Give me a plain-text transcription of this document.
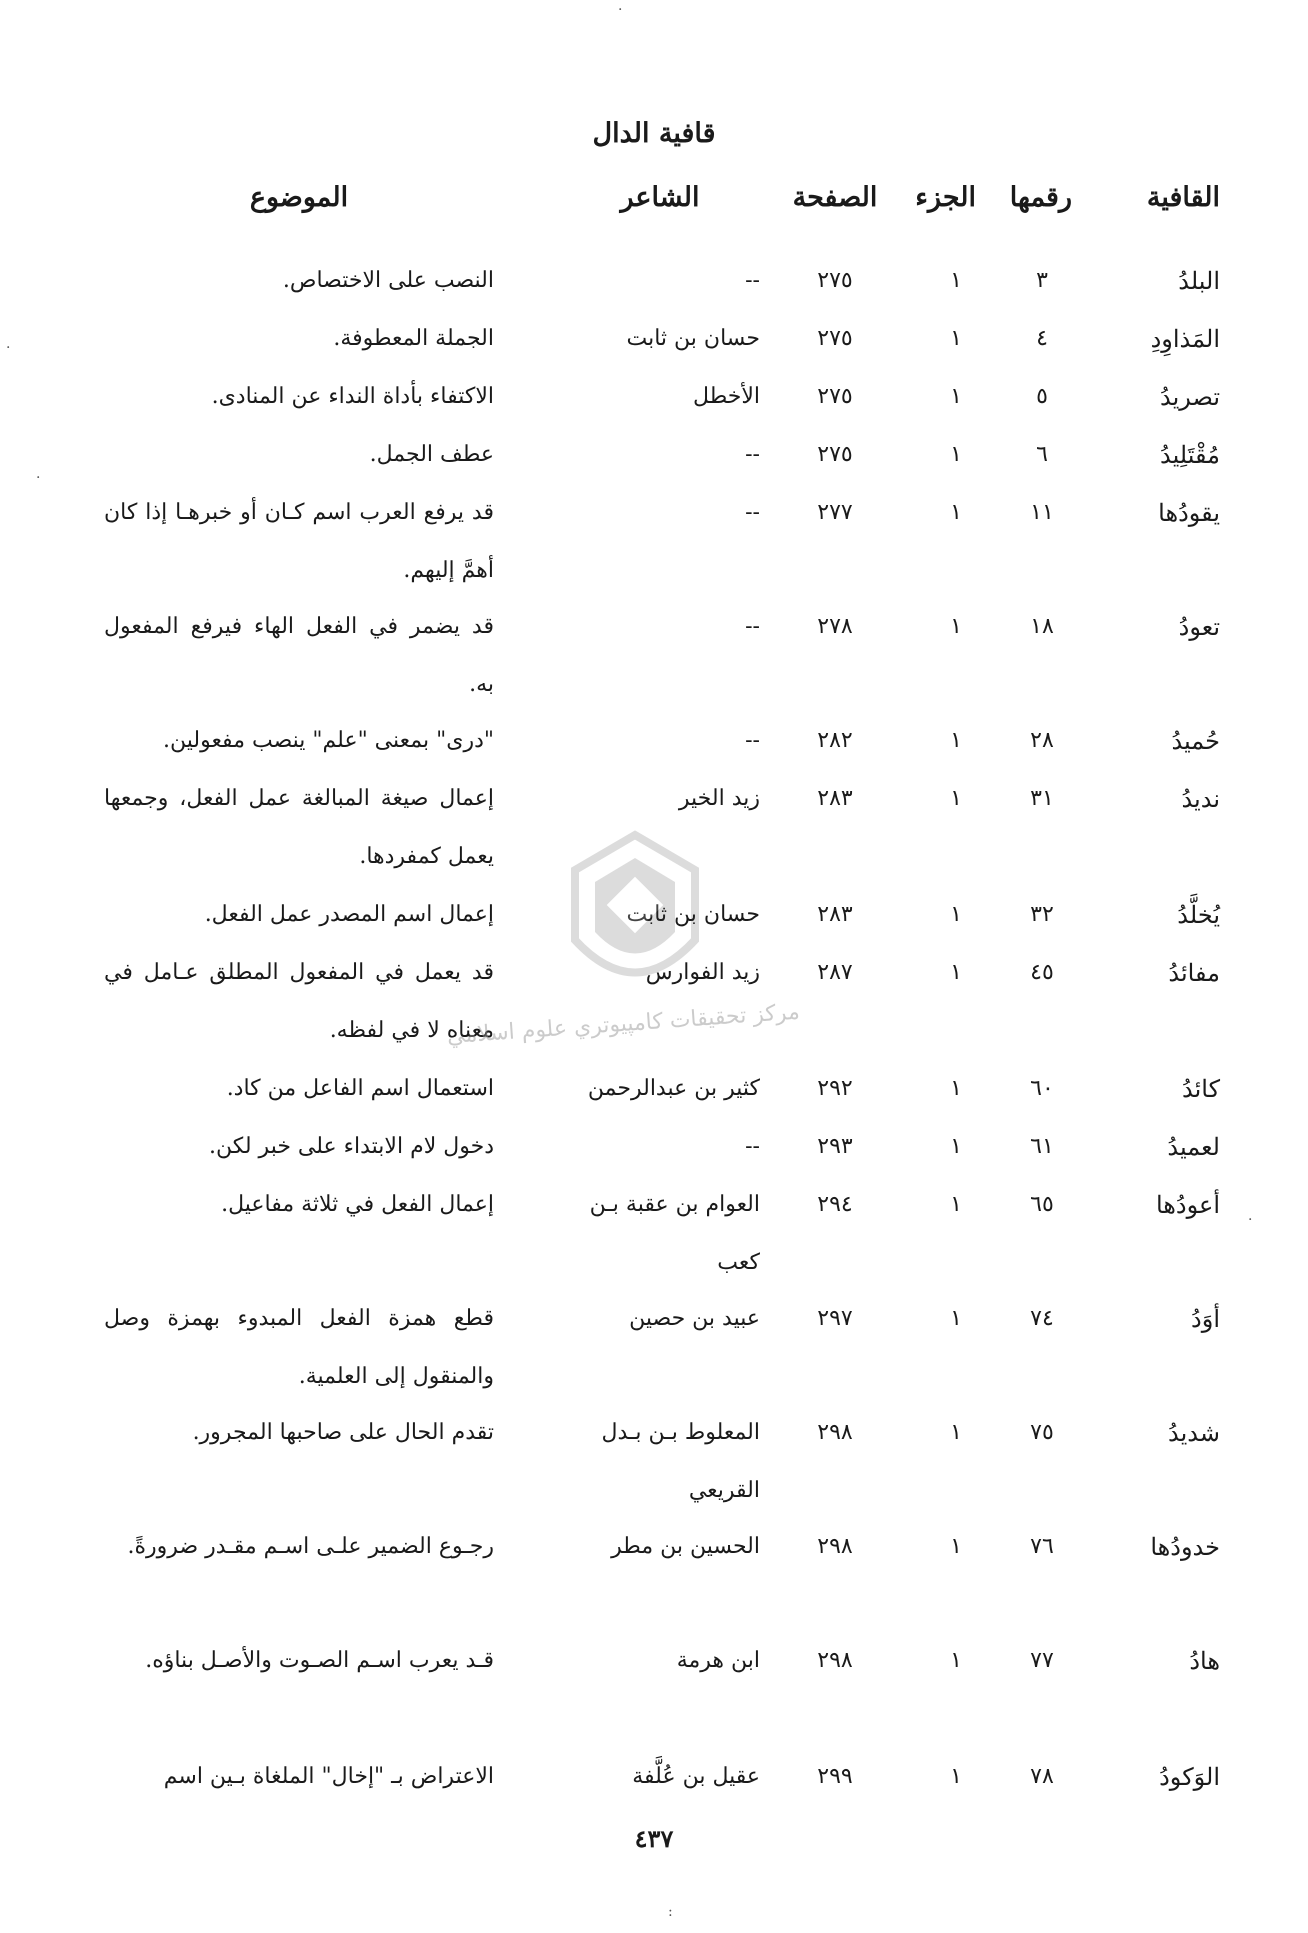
قافية الدال
القافية
رقمها
الجزء
الصفحة
الشاعر
الموضوع
البلدُ
٣
١
٢٧٥
--
النصب على الاختصاص.
المَذاوِدِ
٤
١
٢٧٥
حسان بن ثابت
الجملة المعطوفة.
تصريدُ
٥
١
٢٧٥
الأخطل
الاكتفاء بأداة النداء عن المنادى.
مُقْتَلِيدُ
٦
١
٢٧٥
--
عطف الجمل.
يقودُها
١١
١
٢٧٧
--
قد يرفع العرب اسم كـان أو خبرهـا إذا كان أهمَّ إليهم.
تعودُ
١٨
١
٢٧٨
--
قد يضمر في الفعل الهاء فيرفع المفعول به.
حُميدُ
٢٨
١
٢٨٢
--
"درى" بمعنى "علم" ينصب مفعولين.
نديدُ
٣١
١
٢٨٣
زيد الخير
إعمال صيغة المبالغة عمل الفعل، وجمعها يعمل كمفردها.
يُخلَّدُ
٣٢
١
٢٨٣
حسان بن ثابت
إعمال اسم المصدر عمل الفعل.
مفائدُ
٤٥
١
٢٨٧
زيد الفوارس
قد يعمل في المفعول المطلق عـامل في معناه لا في لفظه.
كائدُ
٦٠
١
٢٩٢
كثير بن عبدالرحمن
استعمال اسم الفاعل من كاد.
لعميدُ
٦١
١
٢٩٣
--
دخول لام الابتداء على خبر لكن.
أعودُها
٦٥
١
٢٩٤
العوام بن عقبة بـن كعب
إعمال الفعل في ثلاثة مفاعيل.
أوَدُ
٧٤
١
٢٩٧
عبيد بن حصين
قطع همزة الفعل المبدوء بهمزة وصل والمنقول إلى العلمية.
شديدُ
٧٥
١
٢٩٨
المعلوط بـن بـدل القريعي
تقدم الحال على صاحبها المجرور.
خدودُها
٧٦
١
٢٩٨
الحسين بن مطر
رجـوع الضمير علـى اسـم مقـدر ضرورةً.
هادُ
٧٧
١
٢٩٨
ابن هرمة
قـد يعرب اسـم الصـوت والأصـل بناؤه.
الوَكودُ
٧٨
١
٢٩٩
عقيل بن عُلَّفة
الاعتراض بـ "إخال" الملغاة بـين اسم
٤٣٧
مركز تحقيقات كامپيوتري علوم اسلامي
·
·
·
·
:
